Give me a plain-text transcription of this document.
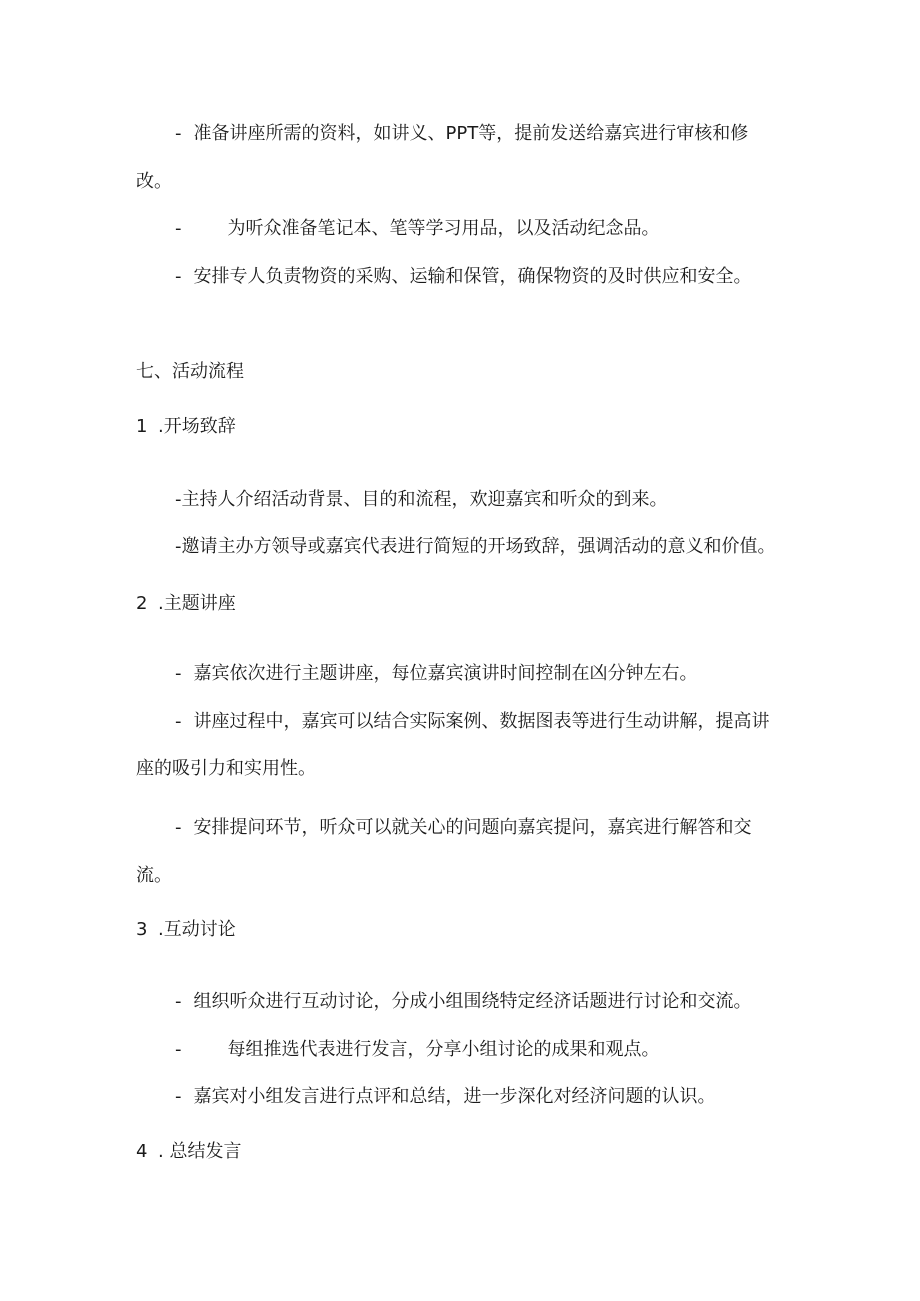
- 准备讲座所需的资料，如讲义、PPT等，提前发送给嘉宾进行审核和修
改。
-	为听众准备笔记本、笔等学习用品，以及活动纪念品。
- 安排专人负责物资的采购、运输和保管，确保物资的及时供应和安全。
七、活动流程
1 .开场致辞
-主持人介绍活动背景、目的和流程，欢迎嘉宾和听众的到来。
-邀请主办方领导或嘉宾代表进行简短的开场致辞，强调活动的意义和价值。
2 .主题讲座
- 嘉宾依次进行主题讲座，每位嘉宾演讲时间控制在凶分钟左右。
- 讲座过程中，嘉宾可以结合实际案例、数据图表等进行生动讲解，提高讲
座的吸引力和实用性。
- 安排提问环节，听众可以就关心的问题向嘉宾提问，嘉宾进行解答和交
流。
3 .互动讨论
- 组织听众进行互动讨论，分成小组围绕特定经济话题进行讨论和交流。
-	每组推选代表进行发言，分享小组讨论的成果和观点。
- 嘉宾对小组发言进行点评和总结，进一步深化对经济问题的认识。
4 . 总结发言
